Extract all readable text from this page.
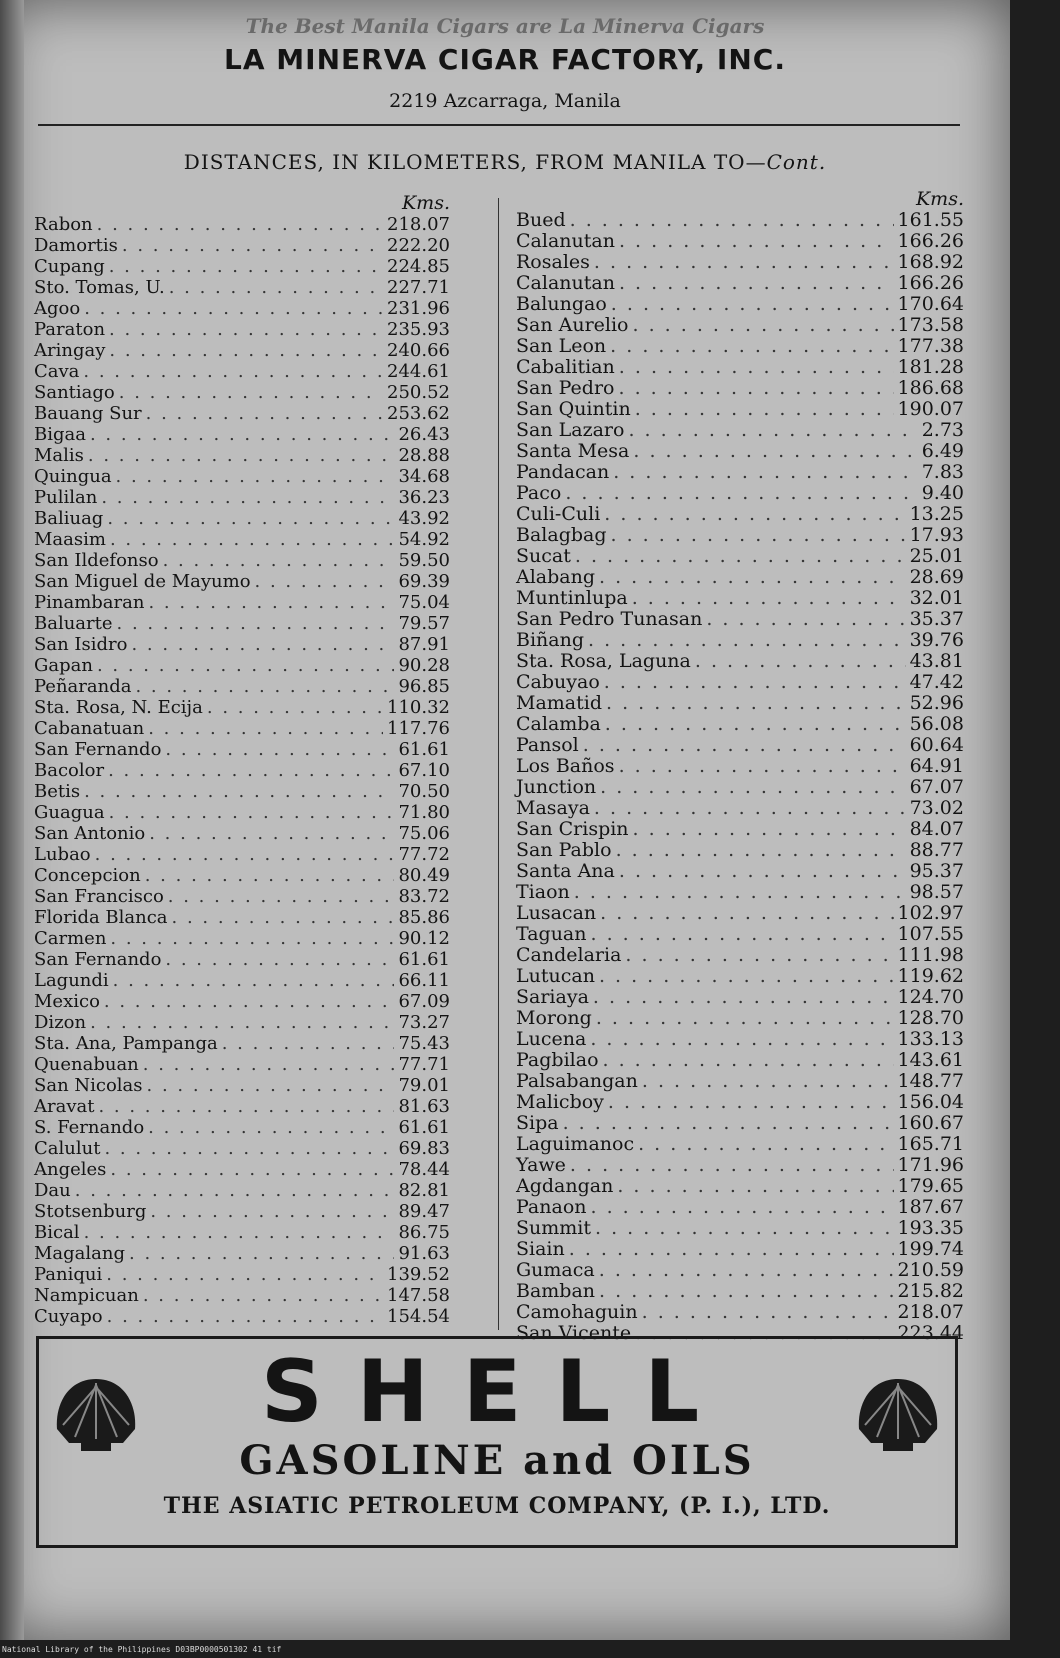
The Best Manila Cigars are La Minerva Cigars
LA MINERVA CIGAR FACTORY, INC.
2219 Azcarraga, Manila
DISTANCES, IN KILOMETERS, FROM MANILA TO—Cont.
Kms.
Rabon . . .	218.07
Damortis . . .	222.20
Cupang . . .	224.85
Sto. Tomas, U. . . .	227.71
Agoo . . .	231.96
Paraton . . .	235.93
Aringay . . .	240.66
Cava . . .	244.61
Santiago . . .	250.52
Bauang Sur . . .	253.62
Bigaa . . .	26.43
Malis . . .	28.88
Quingua . . .	34.68
Pulilan . . .	36.23
Baliuag . . .	43.92
Maasim . . .	54.92
San Ildefonso . . .	59.50
San Miguel de Mayumo . . .	69.39
Pinambaran . . .	75.04
Baluarte . . .	79.57
San Isidro . . .	87.91
Gapan . . .	90.28
Peñaranda . . .	96.85
Sta. Rosa, N. Ecija . . .	110.32
Cabanatuan . . .	117.76
San Fernando . . .	61.61
Bacolor . . .	67.10
Betis . . .	70.50
Guagua . . .	71.80
San Antonio . . .	75.06
Lubao . . .	77.72
Concepcion . . .	80.49
San Francisco . . .	83.72
Florida Blanca . . .	85.86
Carmen . . .	90.12
San Fernando . . .	61.61
Lagundi . . .	66.11
Mexico . . .	67.09
Dizon . . .	73.27
Sta. Ana, Pampanga . . .	75.43
Quenabuan . . .	77.71
San Nicolas . . .	79.01
Aravat . . .	81.63
S. Fernando . . .	61.61
Calulut . . .	69.83
Angeles . . .	78.44
Dau . . .	82.81
Stotsenburg . . .	89.47
Bical . . .	86.75
Magalang . . .	91.63
Paniqui . . .	139.52
Nampicuan . . .	147.58
Cuyapo . . .	154.54
Kms.
Bued . . .	161.55
Calanutan . . .	166.26
Rosales . . .	168.92
Calanutan . . .	166.26
Balungao . . .	170.64
San Aurelio . . .	173.58
San Leon . . .	177.38
Cabalitian . . .	181.28
San Pedro . . .	186.68
San Quintin . . .	190.07
San Lazaro . . .	2.73
Santa Mesa . . .	6.49
Pandacan . . .	7.83
Paco . . .	9.40
Culi-Culi . . .	13.25
Balagbag . . .	17.93
Sucat . . .	25.01
Alabang . . .	28.69
Muntinlupa . . .	32.01
San Pedro Tunasan . . .	35.37
Biñang . . .	39.76
Sta. Rosa, Laguna . . .	43.81
Cabuyao . . .	47.42
Mamatid . . .	52.96
Calamba . . .	56.08
Pansol . . .	60.64
Los Baños . . .	64.91
Junction . . .	67.07
Masaya . . .	73.02
San Crispin . . .	84.07
San Pablo . . .	88.77
Santa Ana . . .	95.37
Tiaon . . .	98.57
Lusacan . . .	102.97
Taguan . . .	107.55
Candelaria . . .	111.98
Lutucan . . .	119.62
Sariaya . . .	124.70
Morong . . .	128.70
Lucena . . .	133.13
Pagbilao . . .	143.61
Palsabangan . . .	148.77
Malicboy . . .	156.04
Sipa . . .	160.67
Laguimanoc . . .	165.71
Yawe . . .	171.96
Agdangan . . .	179.65
Panaon . . .	187.67
Summit . . .	193.35
Siain . . .	199.74
Gumaca . . .	210.59
Bamban . . .	215.82
Camohaguin . . .	218.07
San Vicente . . .	223.44
SHELL
GASOLINE and OILS
THE ASIATIC PETROLEUM COMPANY, (P. I.), LTD.
National Library of the Philippines D03BP0000501302 41 tif
